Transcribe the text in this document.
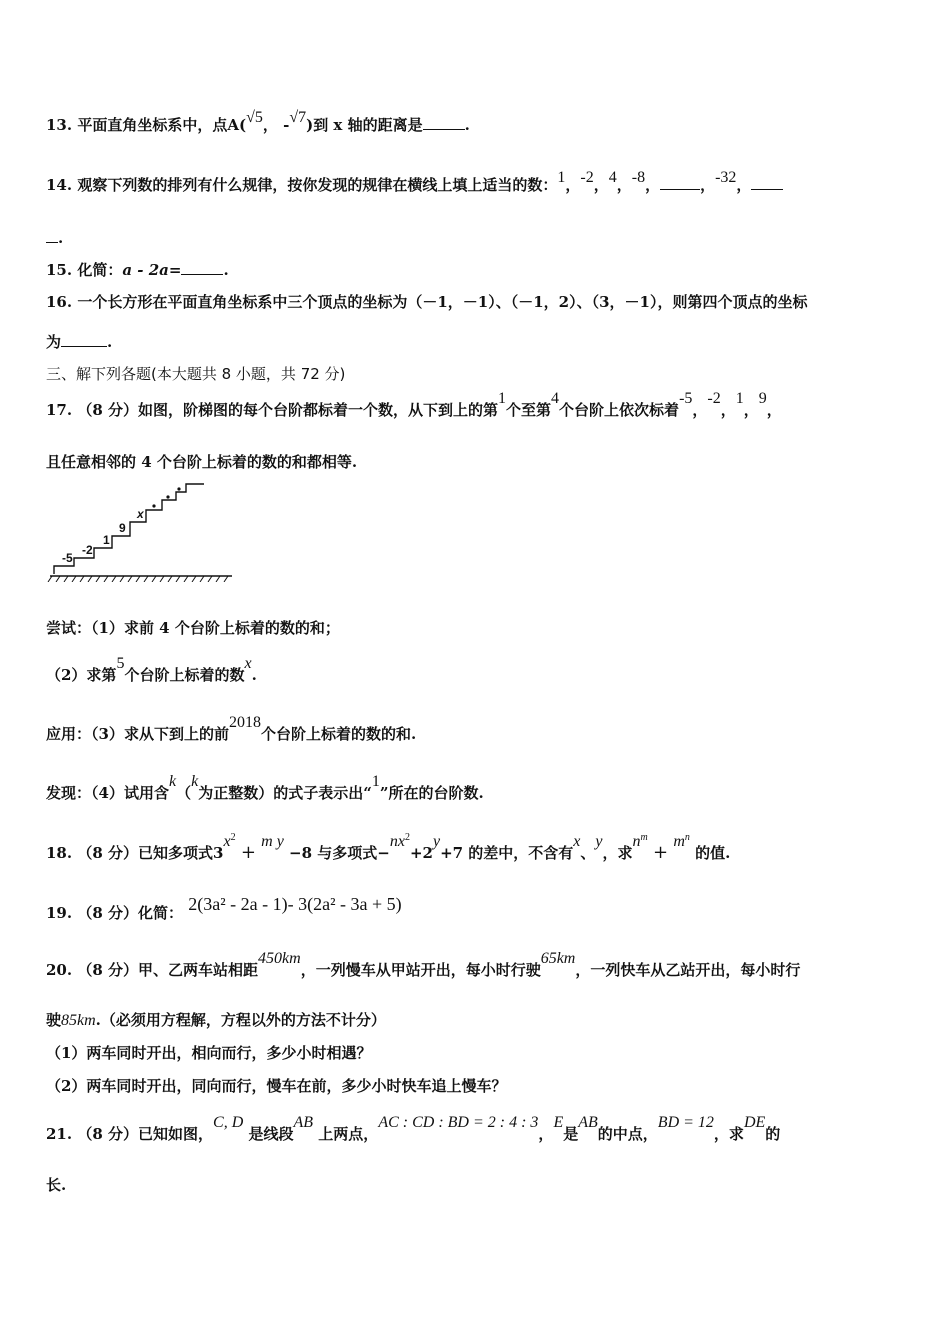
13. 平面直角坐标系中，点A(√5， -√7)到 x 轴的距离是	.
14. 观察下列数的排列有什么规律，按你发现的规律在横线上填上适当的数：1，-2，4，-8，	，-32，
.
15. 化简：a - 2a=	.
16. 一个长方形在平面直角坐标系中三个顶点的坐标为（－1，－1）、（－1，2）、（3，－1），则第四个顶点的坐标
为	.
三、解下列各题(本大题共 8 小题，共 72 分)
17. （8 分）如图，阶梯图的每个台阶都标着一个数，从下到上的第1个至第4个台阶上依次标着-5，-2，1，9，
且任意相邻的 4 个台阶上标着的数的和都相等.
-5
-2
1
9
x
尝试：（1）求前 4 个台阶上标着的数的和；
（2）求第5个台阶上标着的数x.
应用：（3）求从下到上的前2018个台阶上标着的数的和.
发现：（4）试用含k（k为正整数）的式子表示出“1”所在的台阶数.
18. （8 分）已知多项式$3x^2 + m$ y −8 与多项式$-nx^2+2y+7$ 的差中，不含有x、y，求$n^m + m^n$ 的值.
19. （8 分）化简： 2(3a² - 2a - 1)- 3(2a² - 3a + 5)
20. （8 分）甲、乙两车站相距450km，一列慢车从甲站开出，每小时行驶65km，一列快车从乙站开出，每小时行
驶85km.（必须用方程解，方程以外的方法不计分）
（1）两车同时开出，相向而行，多少小时相遇？
（2）两车同时开出，同向而行，慢车在前，多少小时快车追上慢车？
21. （8 分）已知如图，C, D 是线段AB 上两点，AC : CD : BD = 2 : 4 : 3，E是AB的中点，BD = 12，求DE的
长.
